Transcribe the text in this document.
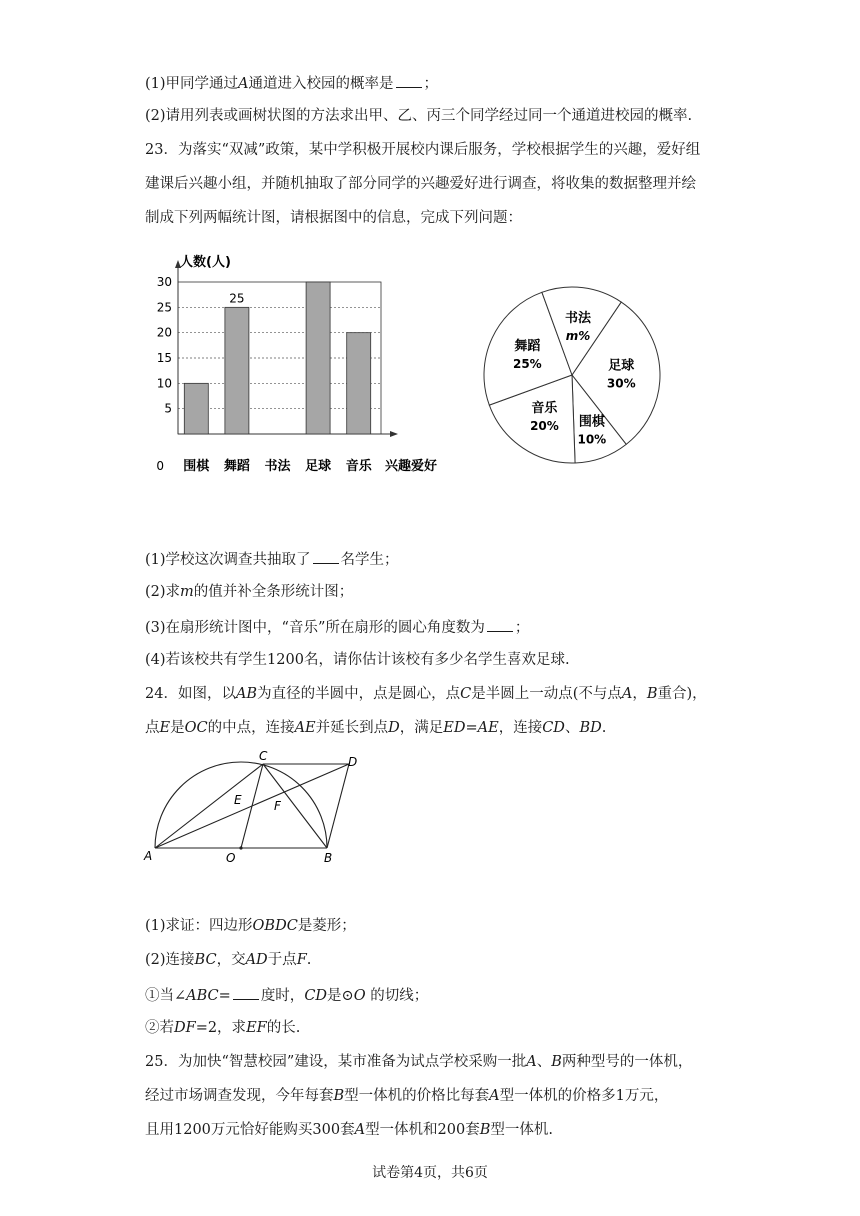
(1)甲同学通过A通道进入校园的概率是 ；
(2)请用列表或画树状图的方法求出甲、乙、丙三个同学经过同一个通道进校园的概率.
23．为落实“双减”政策，某中学积极开展校内课后服务，学校根据学生的兴趣，爱好组
建课后兴趣小组，并随机抽取了部分同学的兴趣爱好进行调查，将收集的数据整理并绘
制成下列两幅统计图，请根据图中的信息，完成下列问题：
5
10
15
20
25
30
0
人数(人)
兴趣爱好
围棋 舞蹈
25
书法 足球 音乐
足球
30%
围棋
10%
音乐
20%
舞蹈
25%
书法
m%
(1)学校这次调查共抽取了 名学生；
(2)求m的值并补全条形统计图；
(3)在扇形统计图中，“音乐”所在扇形的圆心角度数为 ；
(4)若该校共有学生1200名，请你估计该校有多少名学生喜欢足球.
24．如图，以AB为直径的半圆中，点是圆心，点C是半圆上一动点(不与点A，B重合)，
点E是OC的中点，连接AE并延长到点D，满足ED=AE，连接CD、BD.
A	O	B
C	D
E	F
(1)求证：四边形OBDC是菱形；
(2)连接BC，交AD于点F.
①当∠ABC= 度时，CD是⊙O 的切线；
②若DF=2，求EF的长.
25．为加快“智慧校园”建设，某市准备为试点学校采购一批A、B两种型号的一体机，
经过市场调查发现，今年每套B型一体机的价格比每套A型一体机的价格多1万元，
且用1200万元恰好能购买300套A型一体机和200套B型一体机.
试卷第4页，共6页
